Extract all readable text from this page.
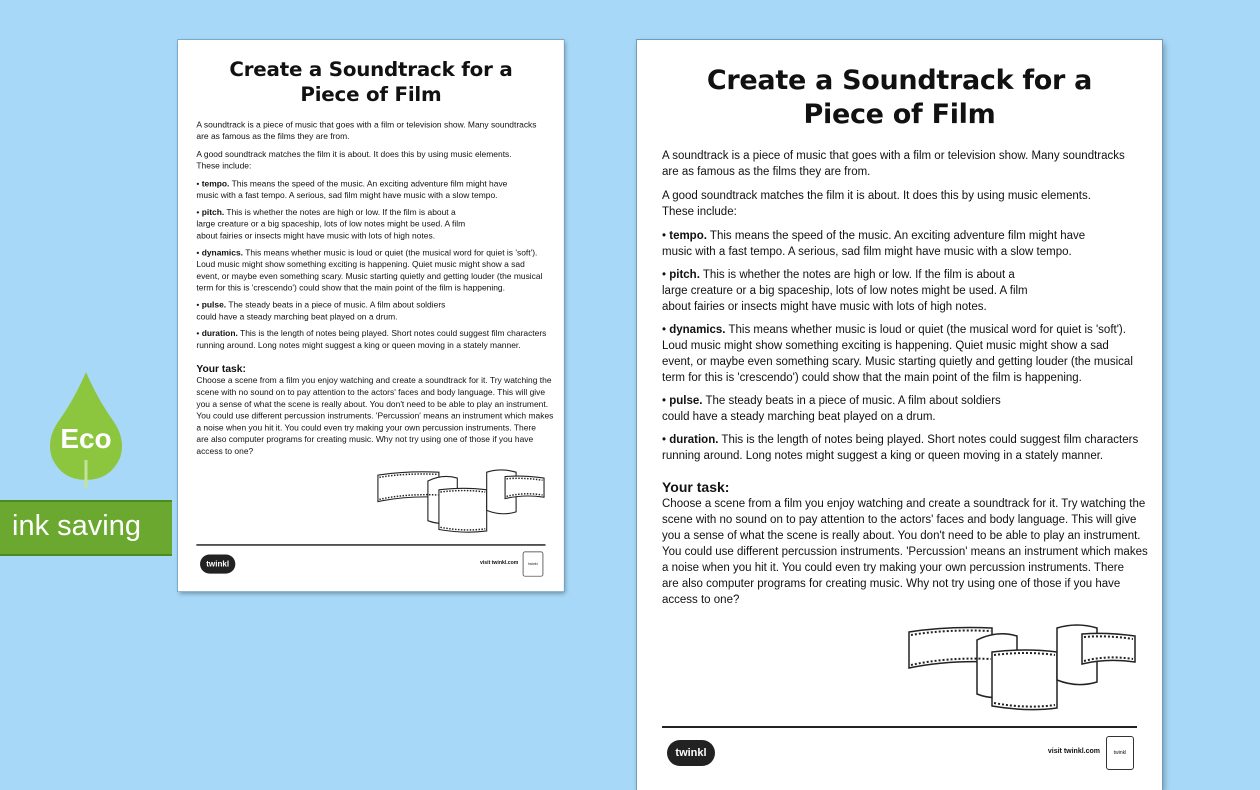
Create a Soundtrack for a
Piece of Film

A soundtrack is a piece of music that goes with a film or television show. Many soundtracks
are as famous as the films they are from.

A good soundtrack matches the film it is about. It does this by using music elements.
These include:

• tempo. This means the speed of the music. An exciting adventure film might have
music with a fast tempo. A serious, sad film might have music with a slow tempo.

• pitch. This is whether the notes are high or low. If the film is about a
large creature or a big spaceship, lots of low notes might be used. A film
about fairies or insects might have music with lots of high notes.

• dynamics. This means whether music is loud or quiet (the musical word for quiet is 'soft').
Loud music might show something exciting is happening. Quiet music might show a sad
event, or maybe even something scary. Music starting quietly and getting louder (the musical
term for this is 'crescendo') could show that the main point of the film is happening.

• pulse. The steady beats in a piece of music. A film about soldiers
could have a steady marching beat played on a drum.

• duration. This is the length of notes being played. Short notes could suggest film characters
running around. Long notes might suggest a king or queen moving in a stately manner.

Your task:

Choose a scene from a film you enjoy watching and create a soundtrack for it. Try watching the
scene with no sound on to pay attention to the actors' faces and body language. This will give
you a sense of what the scene is really about. You don't need to be able to play an instrument.
You could use different percussion instruments. 'Percussion' means an instrument which makes
a noise when you hit it. You could even try making your own percussion instruments. There
are also computer programs for creating music. Why not try using one of those if you have
access to one?

twinkl	visit twinkl.com	twinkl
Create a Soundtrack for a
Piece of Film

A soundtrack is a piece of music that goes with a film or television show. Many soundtracks
are as famous as the films they are from.

A good soundtrack matches the film it is about. It does this by using music elements.
These include:

• tempo. This means the speed of the music. An exciting adventure film might have
music with a fast tempo. A serious, sad film might have music with a slow tempo.

• pitch. This is whether the notes are high or low. If the film is about a
large creature or a big spaceship, lots of low notes might be used. A film
about fairies or insects might have music with lots of high notes.

• dynamics. This means whether music is loud or quiet (the musical word for quiet is 'soft').
Loud music might show something exciting is happening. Quiet music might show a sad
event, or maybe even something scary. Music starting quietly and getting louder (the musical
term for this is 'crescendo') could show that the main point of the film is happening.

• pulse. The steady beats in a piece of music. A film about soldiers
could have a steady marching beat played on a drum.

• duration. This is the length of notes being played. Short notes could suggest film characters
running around. Long notes might suggest a king or queen moving in a stately manner.

Your task:

Choose a scene from a film you enjoy watching and create a soundtrack for it. Try watching the
scene with no sound on to pay attention to the actors' faces and body language. This will give
you a sense of what the scene is really about. You don't need to be able to play an instrument.
You could use different percussion instruments. 'Percussion' means an instrument which makes
a noise when you hit it. You could even try making your own percussion instruments. There
are also computer programs for creating music. Why not try using one of those if you have
access to one?

twinkl	visit twinkl.com	twinkl
ink saving
Eco
